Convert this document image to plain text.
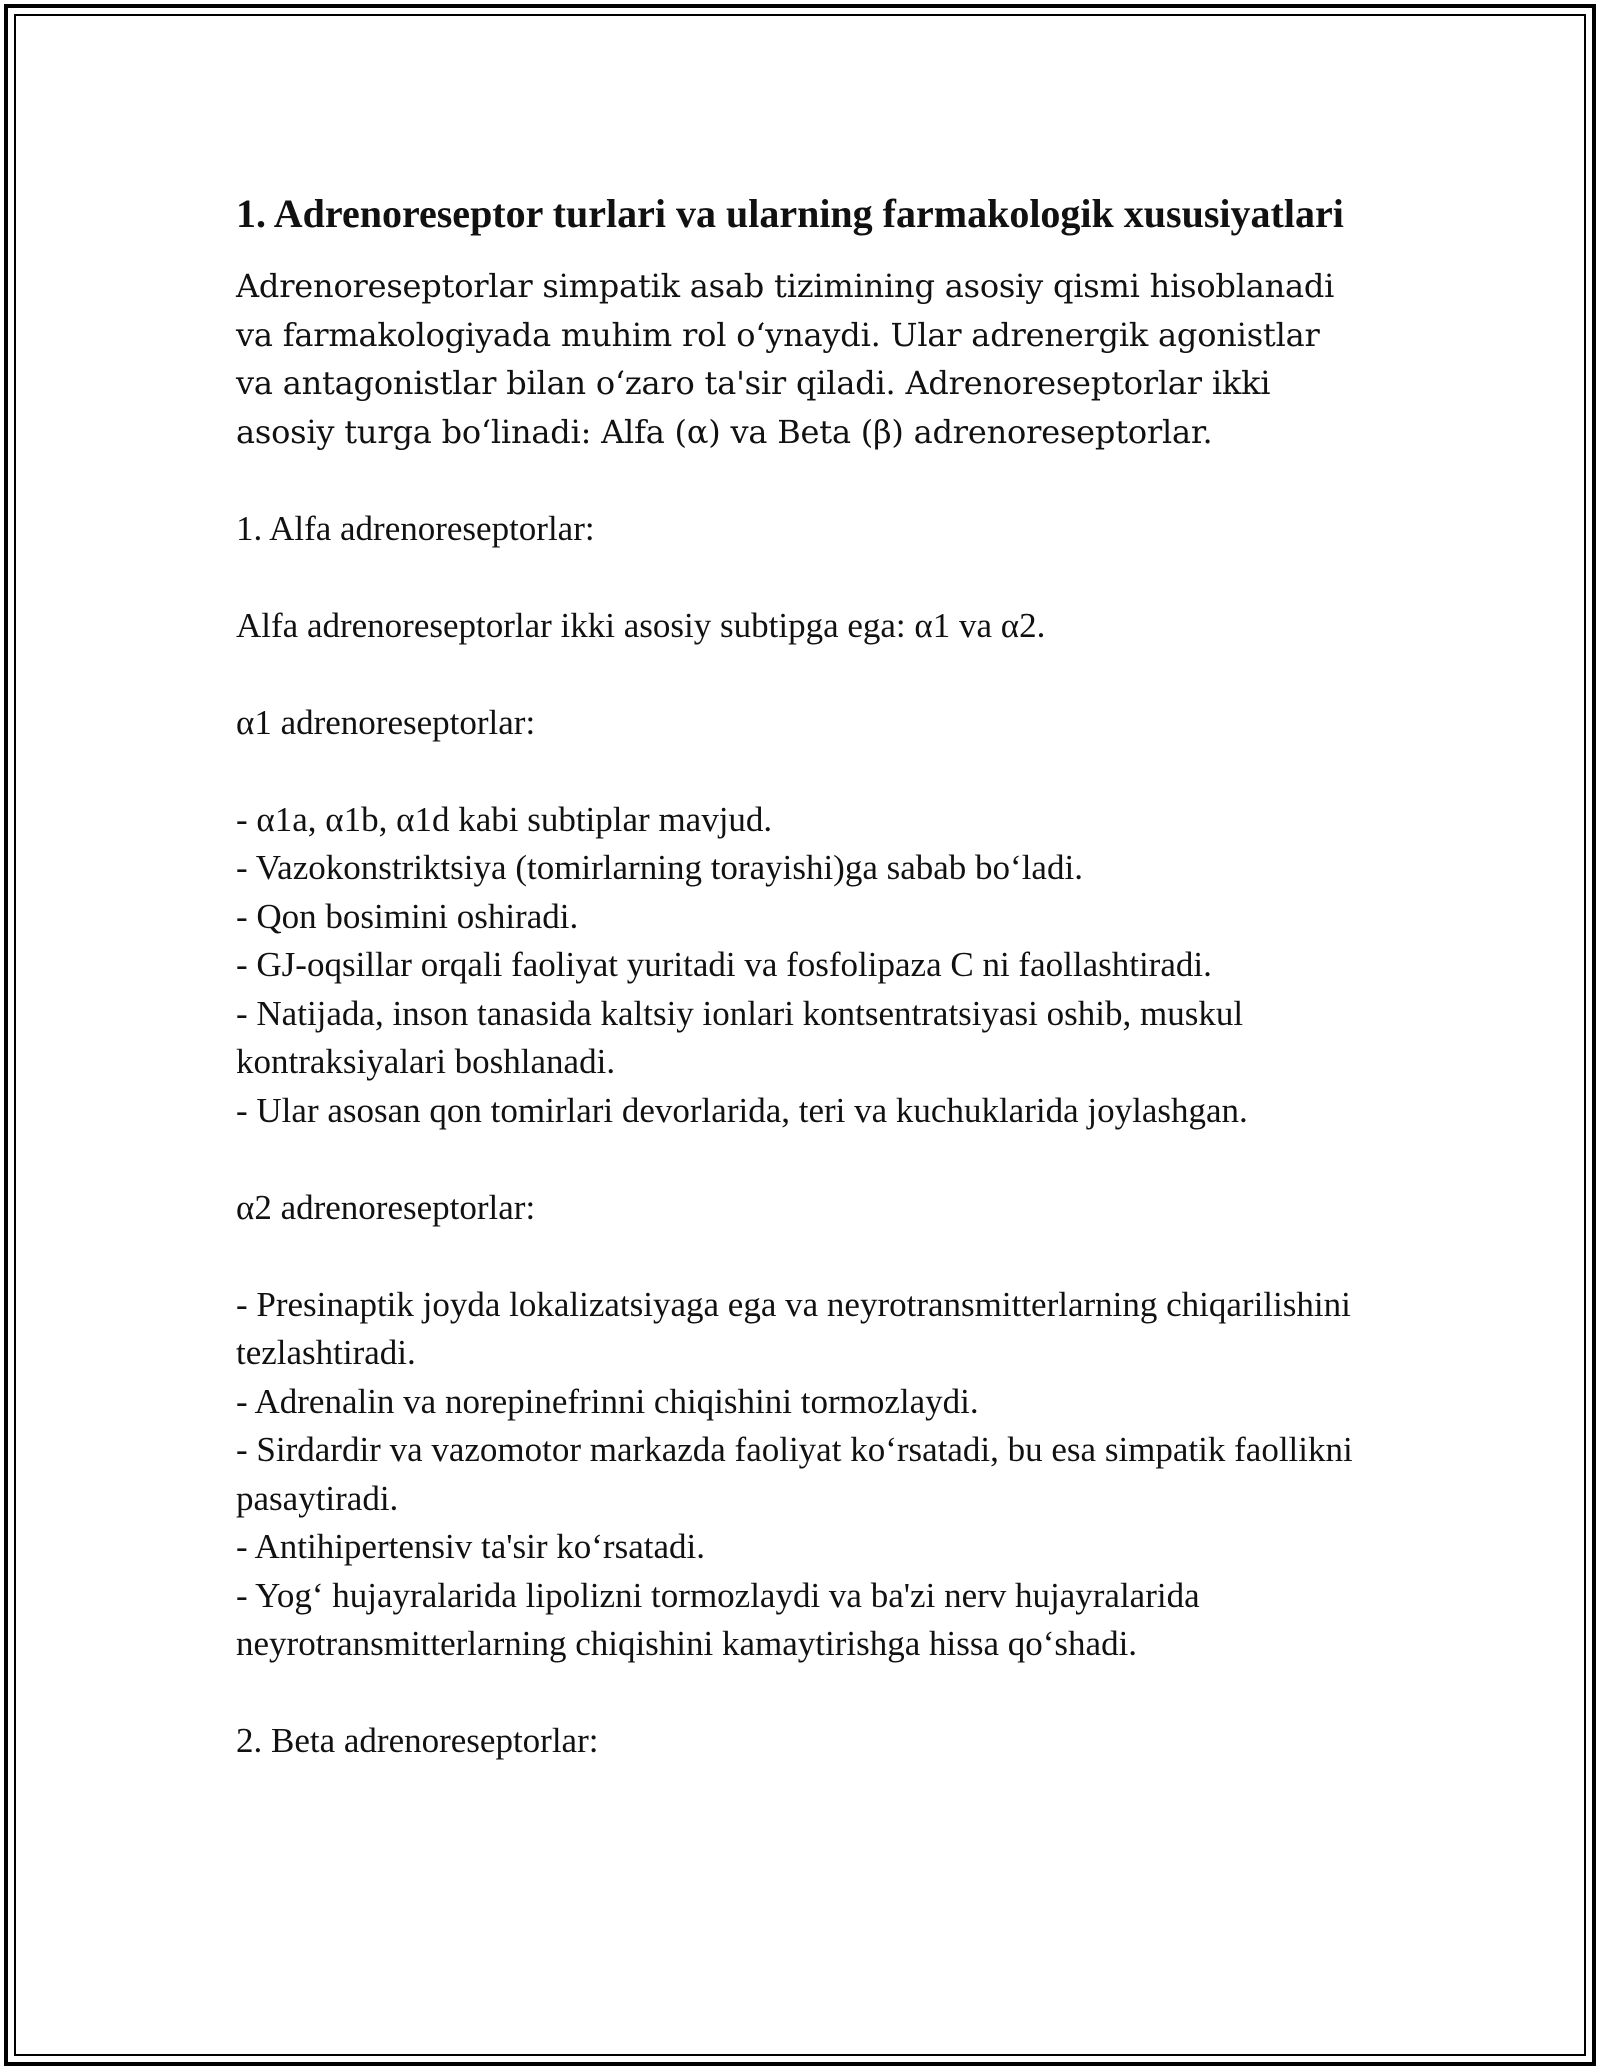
1. Adrenoreseptor turlari va ularning farmakologik xususiyatlari

Adrenoreseptorlar simpatik asab tizimining asosiy qismi hisoblanadi va farmakologiyada muhim rol o‘ynaydi. Ular adrenergik agonistlar va antagonistlar bilan o‘zaro ta'sir qiladi. Adrenoreseptorlar ikki asosiy turga bo‘linadi: Alfa (α) va Beta (β) adrenoreseptorlar.

1. Alfa adrenoreseptorlar:

Alfa adrenoreseptorlar ikki asosiy subtipga ega: α1 va α2.

α1 adrenoreseptorlar:

- α1a, α1b, α1d kabi subtiplar mavjud.

- Vazokonstriktsiya (tomirlarning torayishi)ga sabab bo‘ladi.

- Qon bosimini oshiradi.

- GJ-oqsillar orqali faoliyat yuritadi va fosfolipaza C ni faollashtiradi.

- Natijada, inson tanasida kaltsiy ionlari kontsentratsiyasi oshib, muskul kontraksiyalari boshlanadi.

- Ular asosan qon tomirlari devorlarida, teri va kuchuklarida joylashgan.

α2 adrenoreseptorlar:

- Presinaptik joyda lokalizatsiyaga ega va neyrotransmitterlarning chiqarilishini tezlashtiradi.

- Adrenalin va norepinefrinni chiqishini tormozlaydi.

- Sirdardir va vazomotor markazda faoliyat ko‘rsatadi, bu esa simpatik faollikni pasaytiradi.

- Antihipertensiv ta'sir ko‘rsatadi.

- Yog‘ hujayralarida lipolizni tormozlaydi va ba'zi nerv hujayralarida neyrotransmitterlarning chiqishini kamaytirishga hissa qo‘shadi.

2. Beta adrenoreseptorlar:
